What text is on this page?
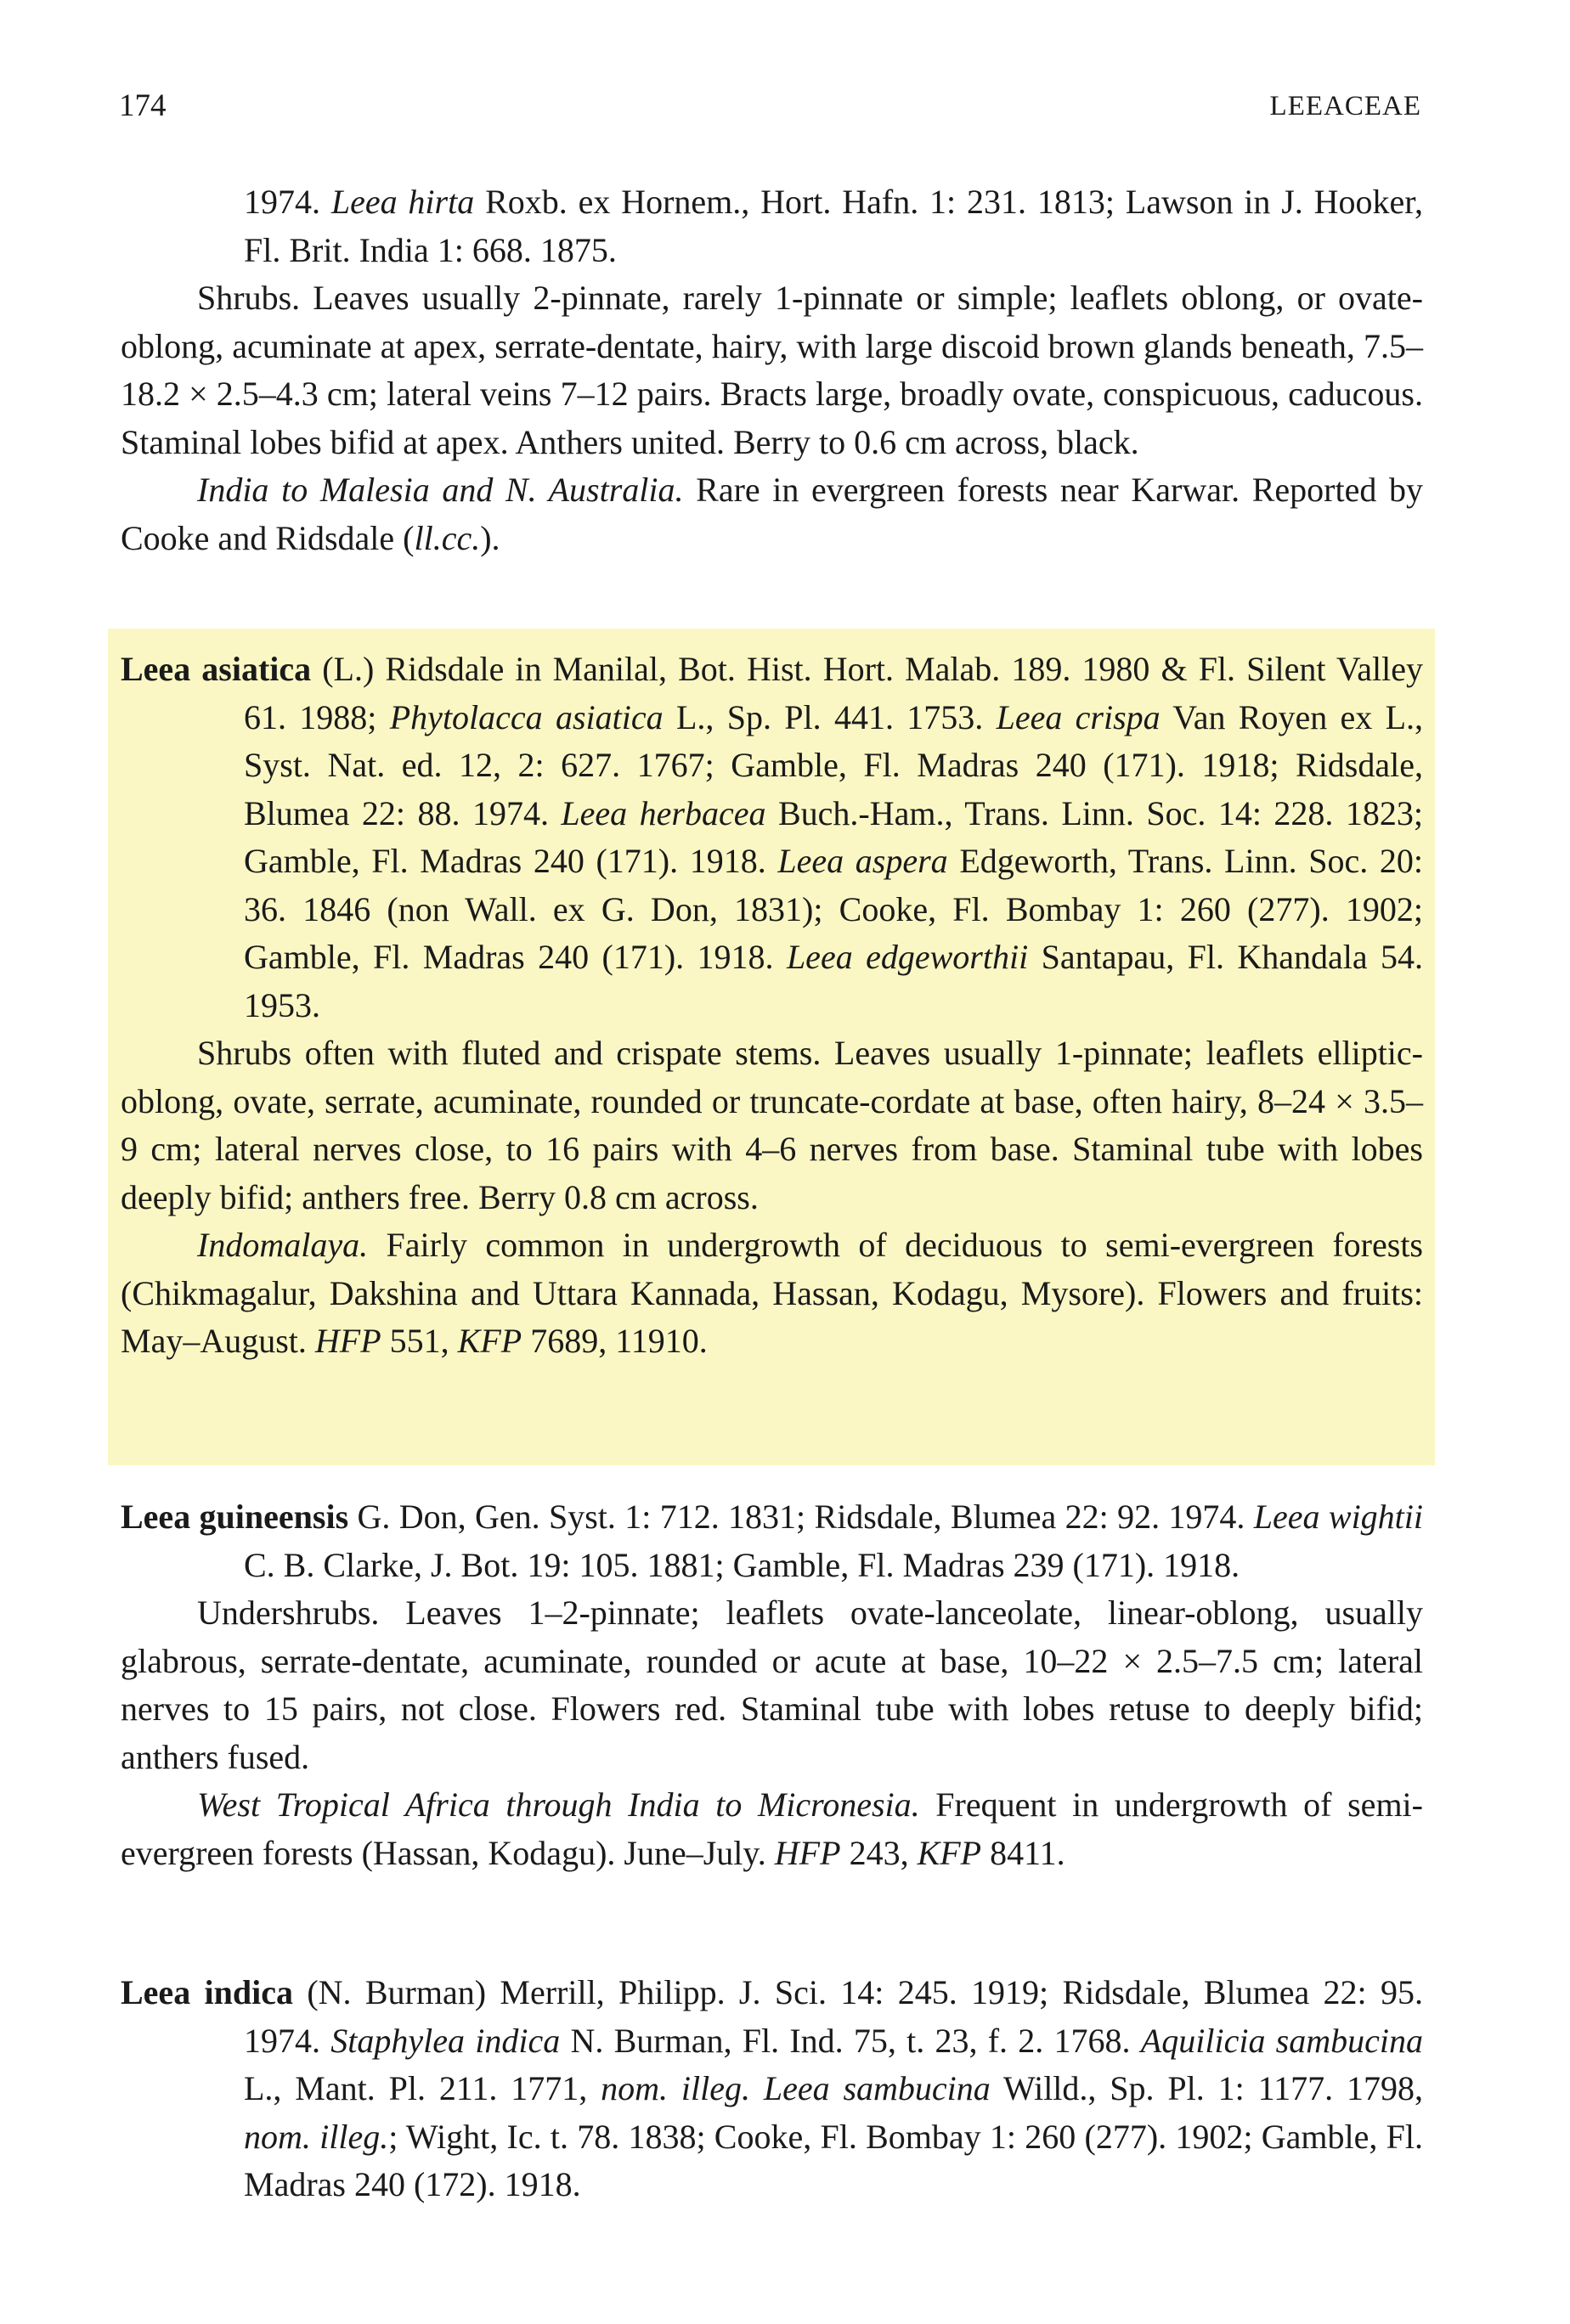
174	LEEACEAE

1974. Leea hirta Roxb. ex Hornem., Hort. Hafn. 1: 231. 1813; Lawson in J. Hooker, Fl. Brit. India 1: 668. 1875.

Shrubs. Leaves usually 2-pinnate, rarely 1-pinnate or simple; leaflets oblong, or ovate-oblong, acuminate at apex, serrate-dentate, hairy, with large discoid brown glands beneath, 7.5–18.2 × 2.5–4.3 cm; lateral veins 7–12 pairs. Bracts large, broadly ovate, conspicuous, caducous. Staminal lobes bifid at apex. Anthers united. Berry to 0.6 cm across, black.

India to Malesia and N. Australia. Rare in evergreen forests near Karwar. Reported by Cooke and Ridsdale (ll.cc.).

Leea asiatica (L.) Ridsdale in Manilal, Bot. Hist. Hort. Malab. 189. 1980 & Fl. Silent Valley 61. 1988; Phytolacca asiatica L., Sp. Pl. 441. 1753. Leea crispa Van Royen ex L., Syst. Nat. ed. 12, 2: 627. 1767; Gamble, Fl. Madras 240 (171). 1918; Ridsdale, Blumea 22: 88. 1974. Leea herbacea Buch.-Ham., Trans. Linn. Soc. 14: 228. 1823; Gamble, Fl. Madras 240 (171). 1918. Leea aspera Edgeworth, Trans. Linn. Soc. 20: 36. 1846 (non Wall. ex G. Don, 1831); Cooke, Fl. Bombay 1: 260 (277). 1902; Gamble, Fl. Madras 240 (171). 1918. Leea edgeworthii Santapau, Fl. Khandala 54. 1953.

Shrubs often with fluted and crispate stems. Leaves usually 1-pinnate; leaflets elliptic-oblong, ovate, serrate, acuminate, rounded or truncate-cordate at base, often hairy, 8–24 × 3.5–9 cm; lateral nerves close, to 16 pairs with 4–6 nerves from base. Staminal tube with lobes deeply bifid; anthers free. Berry 0.8 cm across.

Indomalaya. Fairly common in undergrowth of deciduous to semi-evergreen forests (Chikmagalur, Dakshina and Uttara Kannada, Hassan, Kodagu, Mysore). Flowers and fruits: May–August. HFP 551, KFP 7689, 11910.

Leea guineensis G. Don, Gen. Syst. 1: 712. 1831; Ridsdale, Blumea 22: 92. 1974. Leea wightii C. B. Clarke, J. Bot. 19: 105. 1881; Gamble, Fl. Madras 239 (171). 1918.

Undershrubs. Leaves 1–2-pinnate; leaflets ovate-lanceolate, linear-oblong, usually glabrous, serrate-dentate, acuminate, rounded or acute at base, 10–22 × 2.5–7.5 cm; lateral nerves to 15 pairs, not close. Flowers red. Staminal tube with lobes retuse to deeply bifid; anthers fused.

West Tropical Africa through India to Micronesia. Frequent in undergrowth of semi-evergreen forests (Hassan, Kodagu). June–July. HFP 243, KFP 8411.

Leea indica (N. Burman) Merrill, Philipp. J. Sci. 14: 245. 1919; Ridsdale, Blumea 22: 95. 1974. Staphylea indica N. Burman, Fl. Ind. 75, t. 23, f. 2. 1768. Aquilicia sambucina L., Mant. Pl. 211. 1771, nom. illeg. Leea sambucina Willd., Sp. Pl. 1: 1177. 1798, nom. illeg.; Wight, Ic. t. 78. 1838; Cooke, Fl. Bombay 1: 260 (277). 1902; Gamble, Fl. Madras 240 (172). 1918.
